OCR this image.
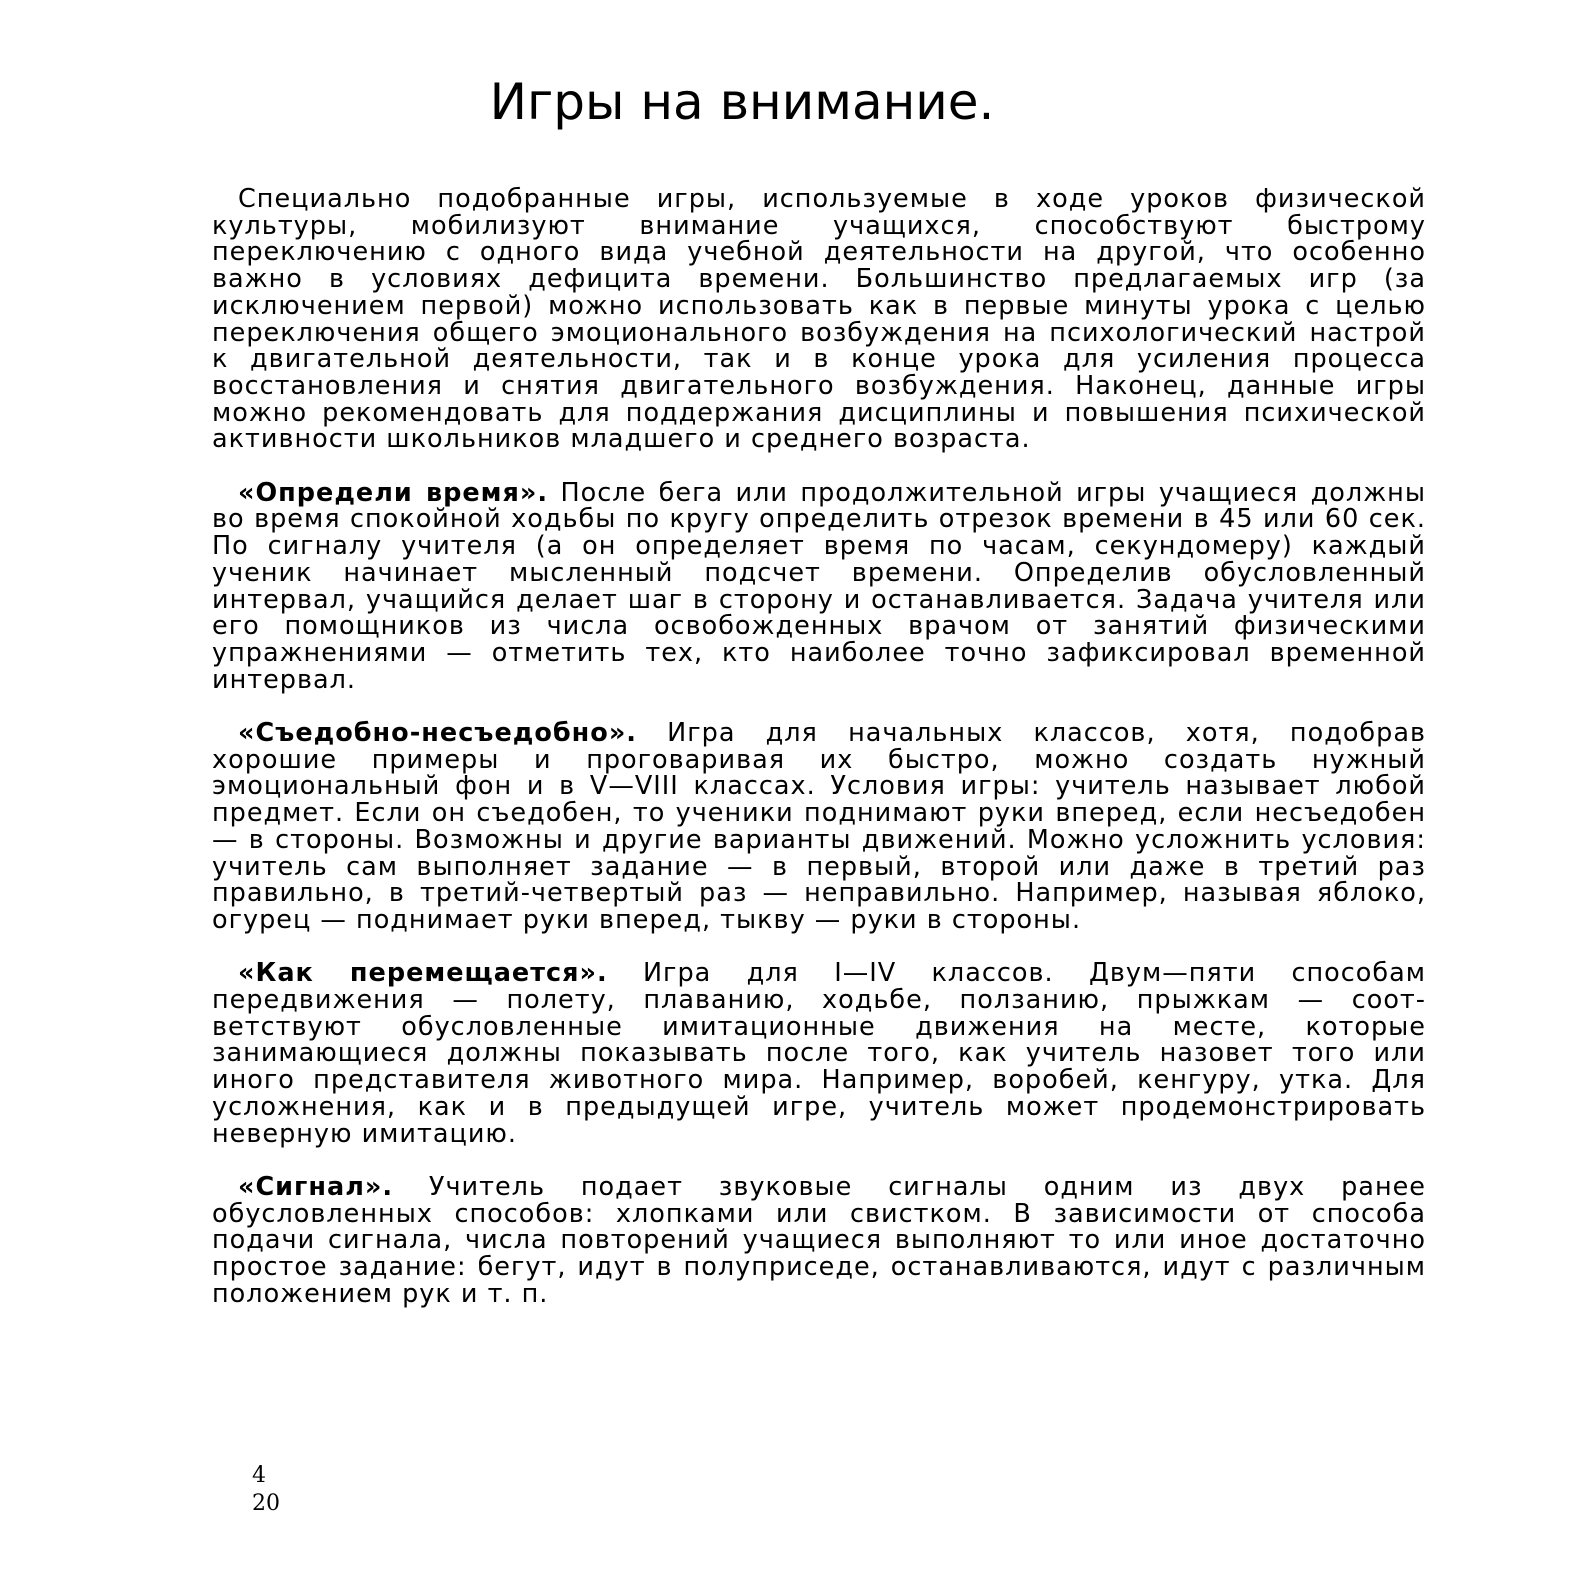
Игры на внимание.

Специально подобранные игры, используемые в ходе уроков физической культуры, мобилизуют внимание учащихся, способствуют быстрому переключению с одного вида учебной деятельности на другой, что особенно важно в условиях дефицита времени. Большинство предлагаемых игр (за исключением первой) можно использовать как в первые минуты урока с целью переключения общего эмоционального возбуждения на психологический настрой к двигательной деятельности, так и в конце урока для усиления процесса восстановления и снятия двигательного возбуждения. Наконец, данные игры можно рекомендовать для поддержания дисциплины и повышения психической активности школьников младшего и среднего возраста.

«Определи время». После бега или продолжительной игры учащиеся должны во время спокойной ходьбы по кругу определить отрезок времени в 45 или 60 сек. По сигналу учителя (а он определяет время по часам, секундомеру) каждый ученик начинает мысленный подсчет времени. Определив обусловленный интервал, учащийся делает шаг в сторону и останавливается. Задача учителя или его помощников из числа освобожденных врачом от занятий физическими упражнениями — отметить тех, кто наиболее точно зафиксировал временной интервал.

«Съедобно-несъедобно». Игра для начальных классов, хотя, подобрав хорошие примеры и проговаривая их быстро, можно создать нужный эмоциональный фон и в V—VIII классах. Условия игры: учитель называет любой предмет. Если он съедобен, то ученики поднимают руки вперед, если несъедобен — в стороны. Возможны и другие варианты движений. Можно усложнить условия: учитель сам выполняет задание — в первый, второй или даже в третий раз правильно, в третий-четвертый раз — неправильно. Например, называя яблоко, огурец — поднимает руки вперед, тыкву — руки в стороны.

«Как перемещается». Игра для I—IV классов. Двум—пяти способам передвижения — полету, плаванию, ходьбе, ползанию, прыжкам — соот-ветствуют обусловленные имитационные движения на месте, которые занимающиеся должны показывать после того, как учитель назовет того или иного представителя животного мира. Например, воробей, кенгуру, утка. Для усложнения, как и в предыдущей игре, учитель может продемонстрировать неверную имитацию.

«Сигнал». Учитель подает звуковые сигналы одним из двух ранее обусловленных способов: хлопками или свистком. В зависимости от способа подачи сигнала, числа повторений учащиеся выполняют то или иное достаточно простое задание: бегут, идут в полуприседе, останавливаются, идут с различным положением рук и т. п.

4
20
